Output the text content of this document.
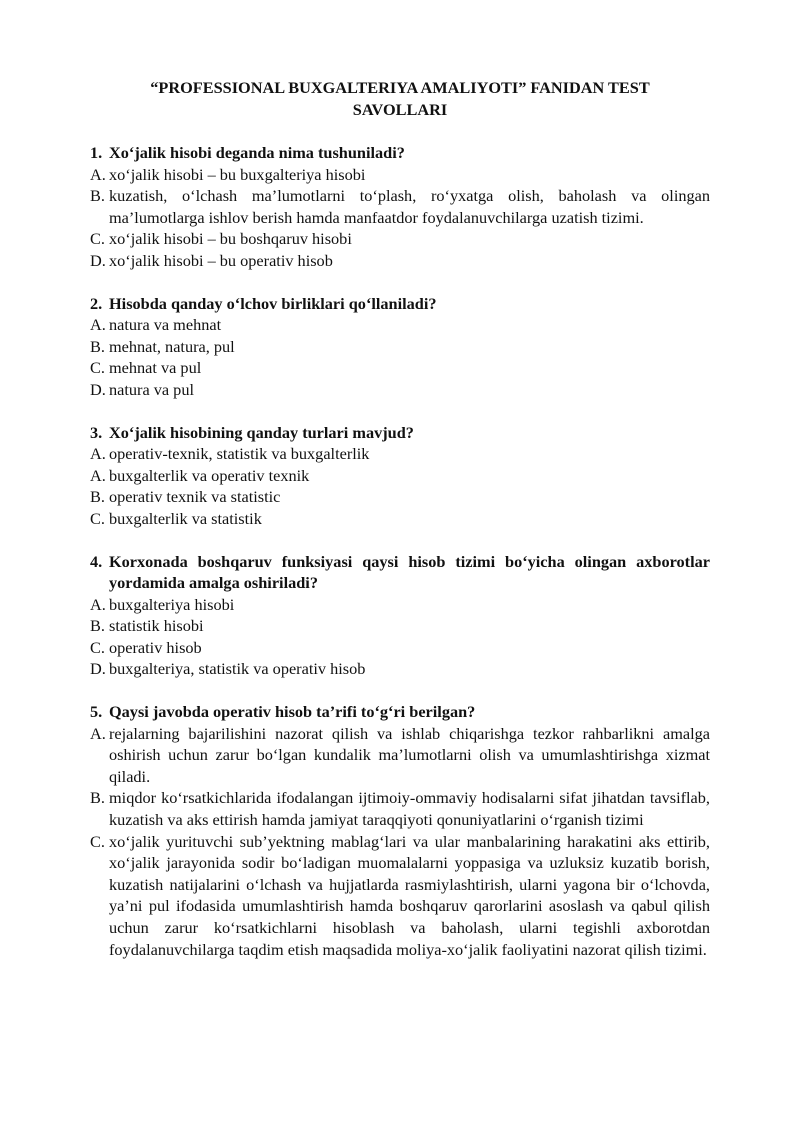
“PROFESSIONAL BUXGALTERIYA AMALIYOTI” FANIDAN TEST
SAVOLLARI
1. Xo‘jalik hisobi deganda nima tushuniladi?
A. xo‘jalik hisobi – bu buxgalteriya hisobi
B. kuzatish, o‘lchash ma’lumotlarni to‘plash, ro‘yxatga olish, baholash va olingan ma’lumotlarga ishlov berish hamda manfaatdor foydalanuvchilarga uzatish tizimi.
C. xo‘jalik hisobi – bu boshqaruv hisobi
D. xo‘jalik hisobi – bu operativ hisob
2. Hisobda qanday o‘lchov birliklari qo‘llaniladi?
A. natura va mehnat
B. mehnat, natura, pul
C. mehnat va pul
D. natura va pul
3. Xo‘jalik hisobining qanday turlari mavjud?
A. operativ-texnik, statistik va buxgalterlik
A. buxgalterlik va operativ texnik
B. operativ texnik va statistic
C. buxgalterlik va statistik
4. Korxonada boshqaruv funksiyasi qaysi hisob tizimi bo‘yicha olingan axborotlar yordamida amalga oshiriladi?
A. buxgalteriya hisobi
B. statistik hisobi
C. operativ hisob
D. buxgalteriya, statistik va operativ hisob
5. Qaysi javobda operativ hisob ta’rifi to‘g‘ri berilgan?
A. rejalarning bajarilishini nazorat qilish va ishlab chiqarishga tezkor rahbarlikni amalga oshirish uchun zarur bo‘lgan kundalik ma’lumotlarni olish va umumlashtirishga xizmat qiladi.
B. miqdor ko‘rsatkichlarida ifodalangan ijtimoiy-ommaviy hodisalarni sifat jihatdan tavsiflab, kuzatish va aks ettirish hamda jamiyat taraqqiyoti qonuniyatlarini o‘rganish tizimi
C. xo‘jalik yurituvchi sub’yektning mablag‘lari va ular manbalarining harakatini aks ettirib, xo‘jalik jarayonida sodir bo‘ladigan muomalalarni yoppasiga va uzluksiz kuzatib borish, kuzatish natijalarini o‘lchash va hujjatlarda rasmiylashtirish, ularni yagona bir o‘lchovda, ya’ni pul ifodasida umumlashtirish hamda boshqaruv qarorlarini asoslash va qabul qilish uchun zarur ko‘rsatkichlarni hisoblash va baholash, ularni tegishli axborotdan foydalanuvchilarga taqdim etish maqsadida moliya-xo‘jalik faoliyatini nazorat qilish tizimi.
